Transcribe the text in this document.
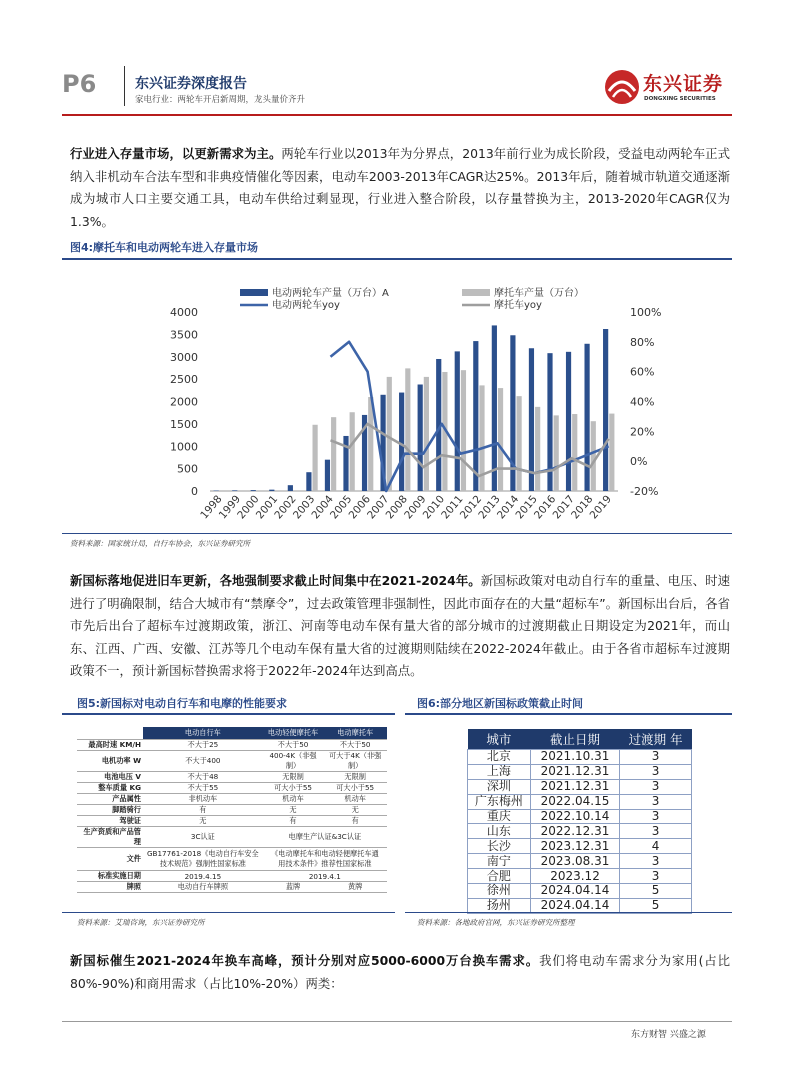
P6	东兴证券深度报告
家电行业：两轮车开启新周期，龙头量价齐升
东兴证券
DONGXING SECURITIES
行业进入存量市场，以更新需求为主。两轮车行业以2013年为分界点，2013年前行业为成长阶段，受益电动两轮车正式纳入非机动车合法车型和非典疫情催化等因素，电动车2003-2013年CAGR达25%。2013年后，随着城市轨道交通逐渐成为城市人口主要交通工具，电动车供给过剩显现，行业进入整合阶段，以存量替换为主，2013-2020年CAGR仅为1.3%。
图4:摩托车和电动两轮车进入存量市场
电动两轮车产量（万台）A
电动两轮车yoy
摩托车产量（万台）
摩托车yoy
0
500
1000
1500
2000
2500
3000
3500
4000
-20%
0%
20%
40%
60%
80%
100%
1998
1999
2000
2001
2002
2003
2004
2005
2006
2007
2008
2009
2010
2011
2012
2013
2014
2015
2016
2017
2018
2019
资料来源：国家统计局，自行车协会，东兴证券研究所
新国标落地促进旧车更新，各地强制要求截止时间集中在2021-2024年。新国标政策对电动自行车的重量、电压、时速进行了明确限制，结合大城市有“禁摩令”，过去政策管理非强制性，因此市面存在的大量“超标车”。新国标出台后，各省市先后出台了超标车过渡期政策，浙江、河南等电动车保有量大省的部分城市的过渡期截止日期设定为2021年，而山东、江西、广西、安徽、江苏等几个电动车保有量大省的过渡期则陆续在2022-2024年截止。由于各省市超标车过渡期政策不一，预计新国标替换需求将于2022年-2024年达到高点。
图5:新国标对电动自行车和电摩的性能要求
	电动自行车	电动轻便摩托车	电动摩托车
最高时速 KM/H	不大于25	不大于50	不大于50
电机功率 W	不大于400	400-4K（非强制）	可大于4K（非强制）
电池电压 V	不大于48	无限制	无限制
整车质量 KG	不大于55	可大小于55	可大小于55
产品属性	非机动车	机动车	机动车
脚踏骑行	有	无	无
驾驶证	无	有	有
生产资质和产品管理	3C认证	电摩生产认证&3C认证	
文件	GB17761-2018《电动自行车安全技术规范》强制性国家标准	《电动摩托车和电动轻便摩托车通用技术条件》推荐性国家标准	
标准实施日期	2019.4.15	2019.4.1	
牌照	电动自行车牌照	蓝牌	黄牌
资料来源：艾瑞咨询，东兴证券研究所
图6:部分地区新国标政策截止时间
城市	截止日期	过渡期 年
北京	2021.10.31	3
上海	2021.12.31	3
深圳	2021.12.31	3
广东梅州	2022.04.15	3
重庆	2022.10.14	3
山东	2022.12.31	3
长沙	2023.12.31	4
南宁	2023.08.31	3
合肥	2023.12	3
徐州	2024.04.14	5
扬州	2024.04.14	5
资料来源：各地政府官网，东兴证券研究所整理
新国标催生2021-2024年换车高峰，预计分别对应5000-6000万台换车需求。我们将电动车需求分为家用(占比80%-90%)和商用需求（占比10%-20%）两类：
东方财智 兴盛之源
